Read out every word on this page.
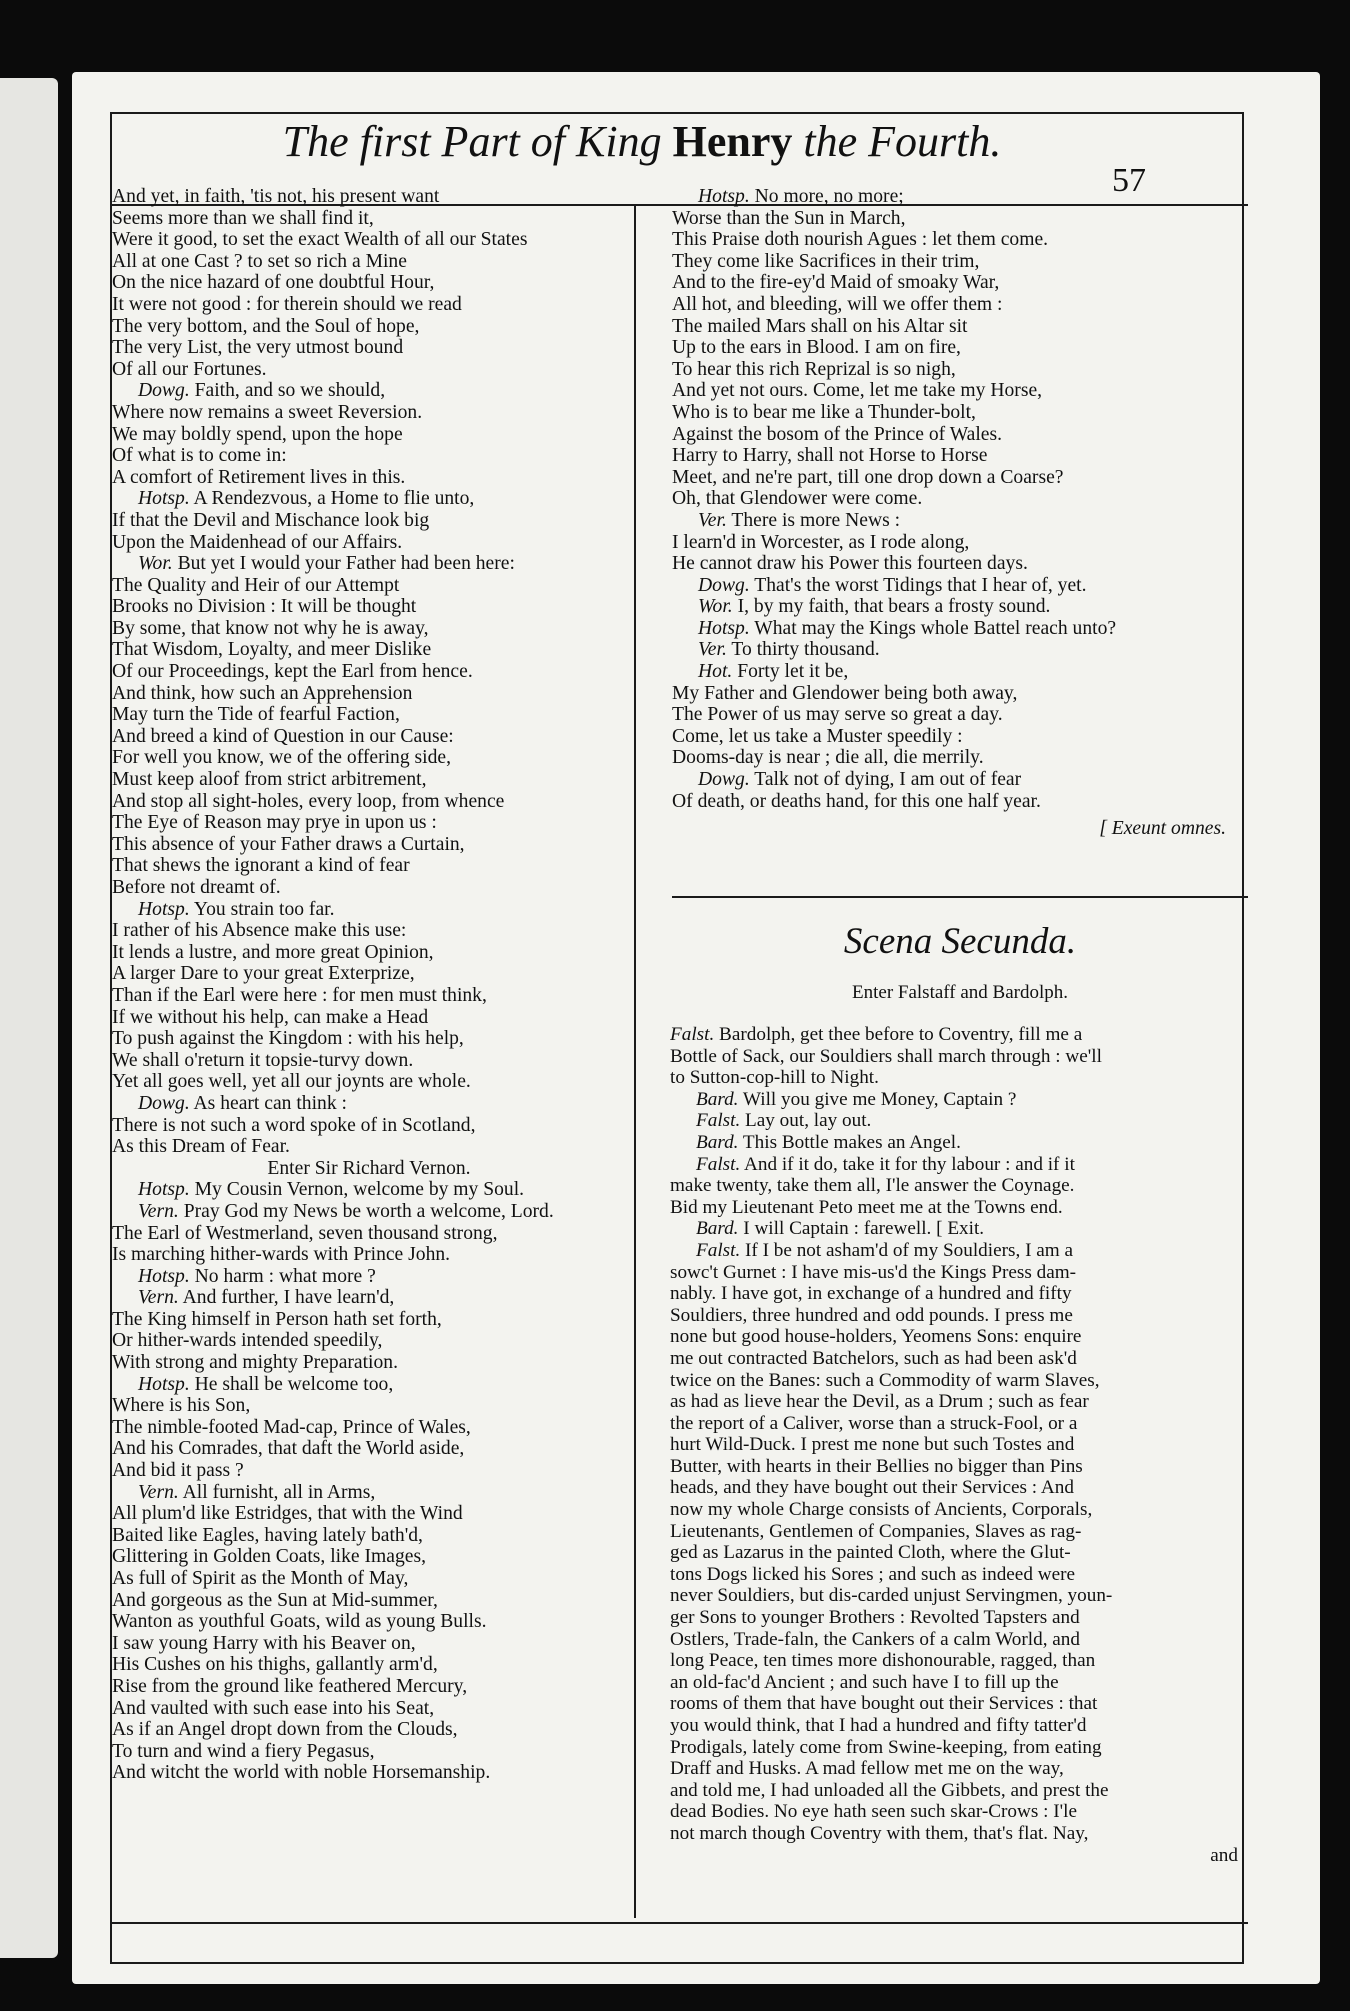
The first Part of King Henry the Fourth.
57
And yet, in faith, 'tis not, his present want
Seems more than we shall find it,
Were it good, to set the exact Wealth of all our States
All at one Cast ? to set so rich a Mine
On the nice hazard of one doubtful Hour,
It were not good : for therein should we read
The very bottom, and the Soul of hope,
The very List, the very utmost bound
Of all our Fortunes.
Dowg. Faith, and so we should,
Where now remains a sweet Reversion.
We may boldly spend, upon the hope
Of what is to come in:
A comfort of Retirement lives in this.
Hotsp. A Rendezvous, a Home to flie unto,
If that the Devil and Mischance look big
Upon the Maidenhead of our Affairs.
Wor. But yet I would your Father had been here:
The Quality and Heir of our Attempt
Brooks no Division : It will be thought
By some, that know not why he is away,
That Wisdom, Loyalty, and meer Dislike
Of our Proceedings, kept the Earl from hence.
And think, how such an Apprehension
May turn the Tide of fearful Faction,
And breed a kind of Question in our Cause:
For well you know, we of the offering side,
Must keep aloof from strict arbitrement,
And stop all sight-holes, every loop, from whence
The Eye of Reason may prye in upon us :
This absence of your Father draws a Curtain,
That shews the ignorant a kind of fear
Before not dreamt of.
Hotsp. You strain too far.
I rather of his Absence make this use:
It lends a lustre, and more great Opinion,
A larger Dare to your great Exterprize,
Than if the Earl were here : for men must think,
If we without his help, can make a Head
To push against the Kingdom : with his help,
We shall o'return it topsie-turvy down.
Yet all goes well, yet all our joynts are whole.
Dowg. As heart can think :
There is not such a word spoke of in Scotland,
As this Dream of Fear.
Enter Sir Richard Vernon.
Hotsp. My Cousin Vernon, welcome by my Soul.
Vern. Pray God my News be worth a welcome, Lord.
The Earl of Westmerland, seven thousand strong,
Is marching hither-wards with Prince John.
Hotsp. No harm : what more ?
Vern. And further, I have learn'd,
The King himself in Person hath set forth,
Or hither-wards intended speedily,
With strong and mighty Preparation.
Hotsp. He shall be welcome too,
Where is his Son,
The nimble-footed Mad-cap, Prince of Wales,
And his Comrades, that daft the World aside,
And bid it pass ?
Vern. All furnisht, all in Arms,
All plum'd like Estridges, that with the Wind
Baited like Eagles, having lately bath'd,
Glittering in Golden Coats, like Images,
As full of Spirit as the Month of May,
And gorgeous as the Sun at Mid-summer,
Wanton as youthful Goats, wild as young Bulls.
I saw young Harry with his Beaver on,
His Cushes on his thighs, gallantly arm'd,
Rise from the ground like feathered Mercury,
And vaulted with such ease into his Seat,
As if an Angel dropt down from the Clouds,
To turn and wind a fiery Pegasus,
And witcht the world with noble Horsemanship.
Hotsp. No more, no more;
Worse than the Sun in March,
This Praise doth nourish Agues : let them come.
They come like Sacrifices in their trim,
And to the fire-ey'd Maid of smoaky War,
All hot, and bleeding, will we offer them :
The mailed Mars shall on his Altar sit
Up to the ears in Blood. I am on fire,
To hear this rich Reprizal is so nigh,
And yet not ours. Come, let me take my Horse,
Who is to bear me like a Thunder-bolt,
Against the bosom of the Prince of Wales.
Harry to Harry, shall not Horse to Horse
Meet, and ne're part, till one drop down a Coarse?
Oh, that Glendower were come.
Ver. There is more News :
I learn'd in Worcester, as I rode along,
He cannot draw his Power this fourteen days.
Dowg. That's the worst Tidings that I hear of, yet.
Wor. I, by my faith, that bears a frosty sound.
Hotsp. What may the Kings whole Battel reach unto?
Ver. To thirty thousand.
Hot. Forty let it be,
My Father and Glendower being both away,
The Power of us may serve so great a day.
Come, let us take a Muster speedily :
Dooms-day is near ; die all, die merrily.
Dowg. Talk not of dying, I am out of fear
Of death, or deaths hand, for this one half year.
[ Exeunt omnes.
Scena Secunda.
Enter Falstaff and Bardolph.
Falst. Bardolph, get thee before to Coventry, fill me a
Bottle of Sack, our Souldiers shall march through : we'll
to Sutton-cop-hill to Night.
Bard. Will you give me Money, Captain ?
Falst. Lay out, lay out.
Bard. This Bottle makes an Angel.
Falst. And if it do, take it for thy labour : and if it
make twenty, take them all, I'le answer the Coynage.
Bid my Lieutenant Peto meet me at the Towns end.
Bard. I will Captain : farewell. [ Exit.
Falst. If I be not asham'd of my Souldiers, I am a
sowc't Gurnet : I have mis-us'd the Kings Press dam-
nably. I have got, in exchange of a hundred and fifty
Souldiers, three hundred and odd pounds. I press me
none but good house-holders, Yeomens Sons: enquire
me out contracted Batchelors, such as had been ask'd
twice on the Banes: such a Commodity of warm Slaves,
as had as lieve hear the Devil, as a Drum ; such as fear
the report of a Caliver, worse than a struck-Fool, or a
hurt Wild-Duck. I prest me none but such Tostes and
Butter, with hearts in their Bellies no bigger than Pins
heads, and they have bought out their Services : And
now my whole Charge consists of Ancients, Corporals,
Lieutenants, Gentlemen of Companies, Slaves as rag-
ged as Lazarus in the painted Cloth, where the Glut-
tons Dogs licked his Sores ; and such as indeed were
never Souldiers, but dis-carded unjust Servingmen, youn-
ger Sons to younger Brothers : Revolted Tapsters and
Ostlers, Trade-faln, the Cankers of a calm World, and
long Peace, ten times more dishonourable, ragged, than
an old-fac'd Ancient ; and such have I to fill up the
rooms of them that have bought out their Services : that
you would think, that I had a hundred and fifty tatter'd
Prodigals, lately come from Swine-keeping, from eating
Draff and Husks. A mad fellow met me on the way,
and told me, I had unloaded all the Gibbets, and prest the
dead Bodies. No eye hath seen such skar-Crows : I'le
not march though Coventry with them, that's flat. Nay,
and
